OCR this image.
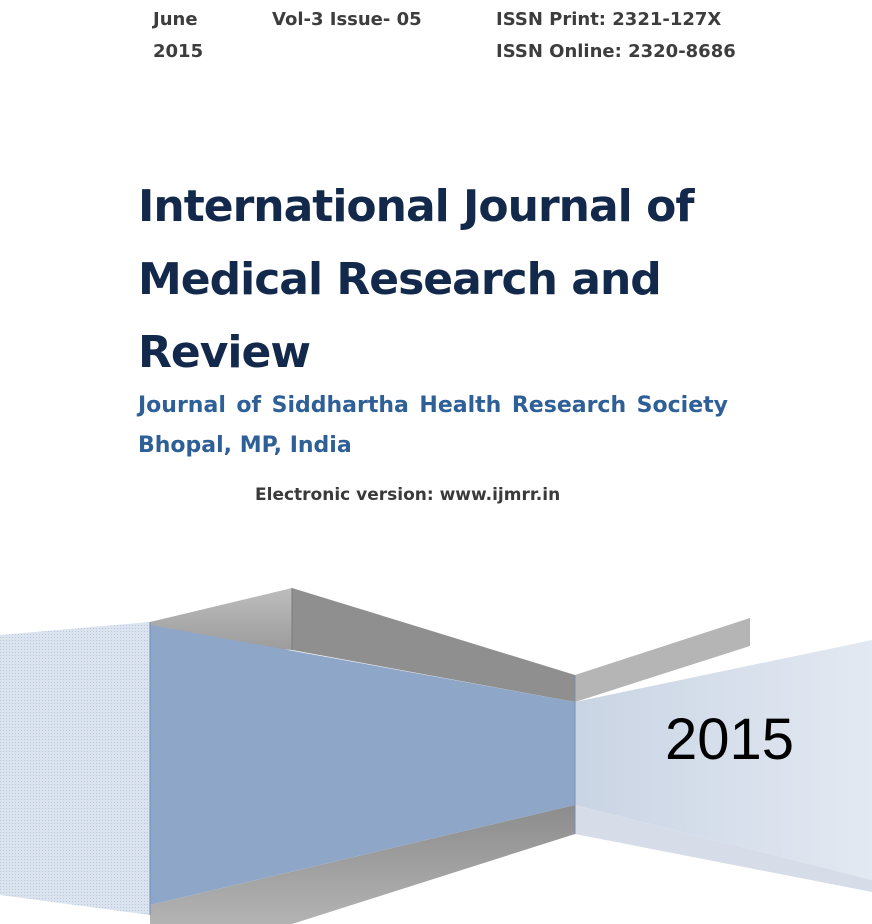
June
2015
Vol-3 Issue- 05	ISSN Print: 2321-127X
ISSN Online: 2320-8686
International Journal of
Medical Research and
Review
Journal of Siddhartha Health Research Society
Bhopal, MP, India
Electronic version: www.ijmrr.in
2015
